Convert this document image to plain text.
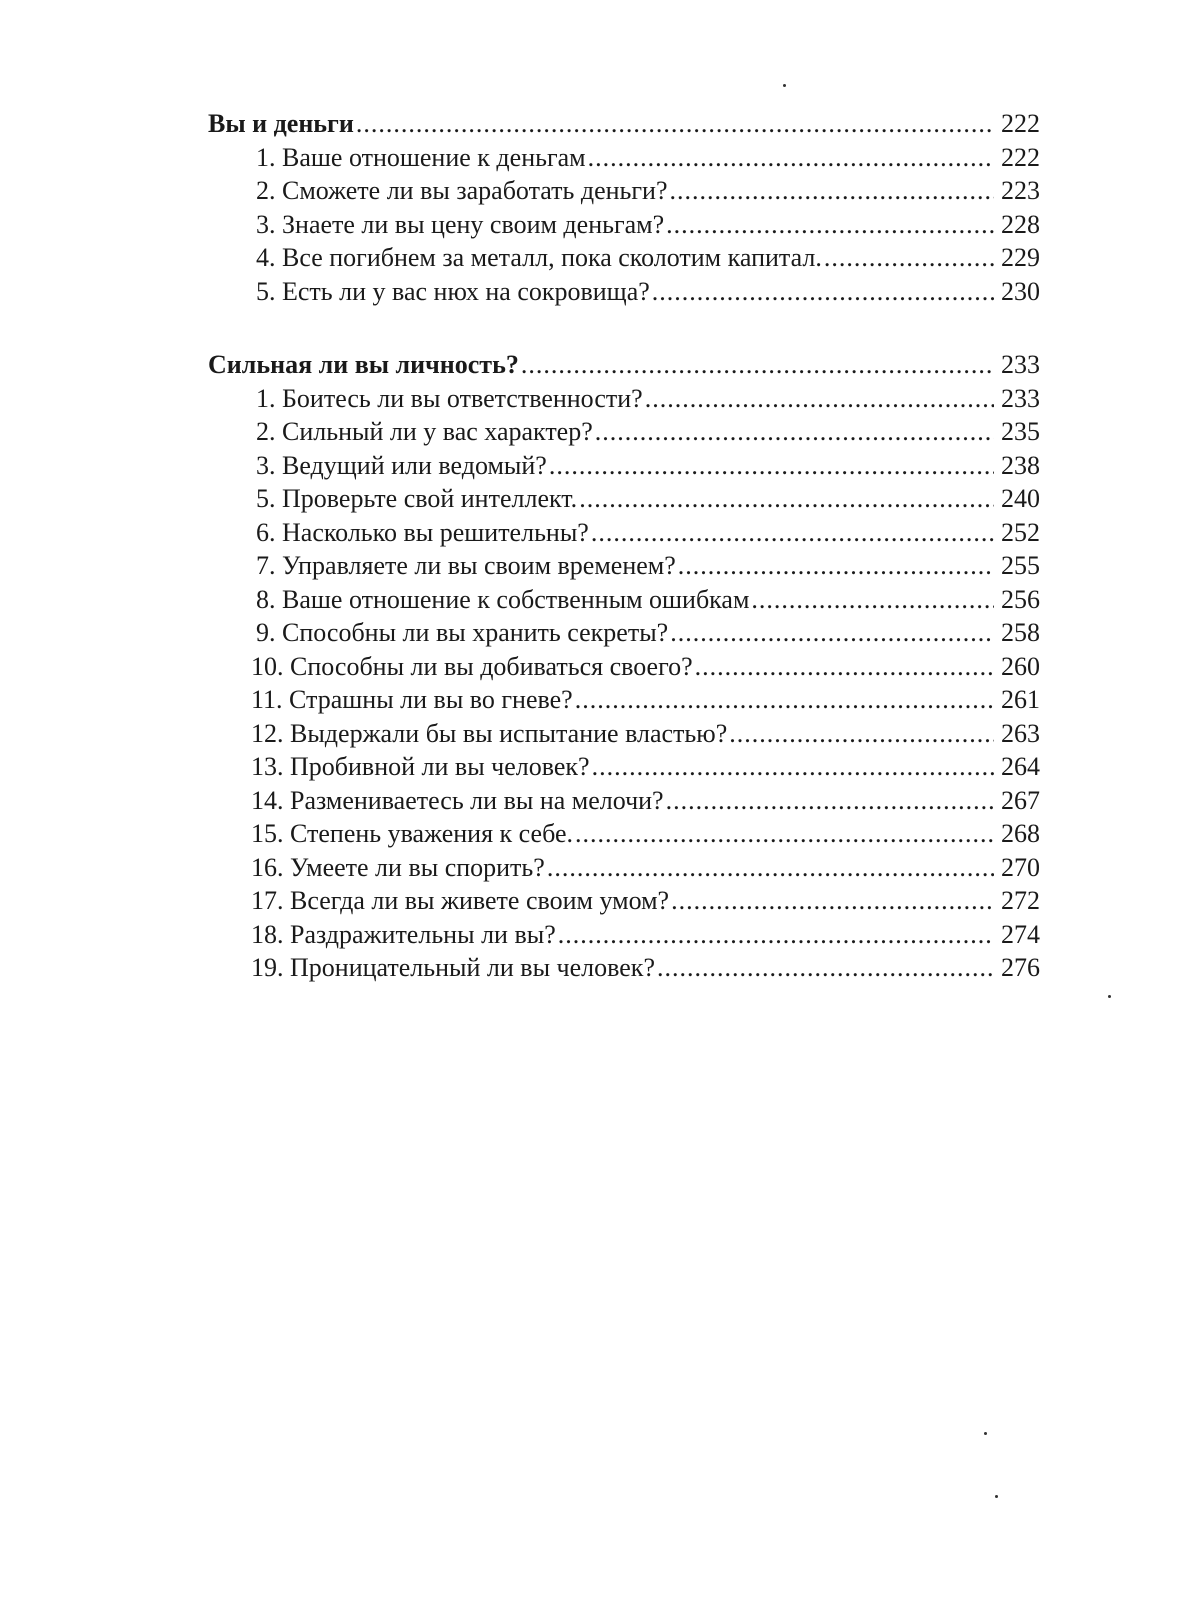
Вы и деньги .....	222
1. Ваше отношение к деньгам .....	222
2. Сможете ли вы заработать деньги? .....	223
3. Знаете ли вы цену своим деньгам? .....	228
4. Все погибнем за металл, пока сколотим капитал. .....	229
5. Есть ли у вас нюх на сокровища? .....	230
Сильная ли вы личность? .....	233
1. Боитесь ли вы ответственности? .....	233
2. Сильный ли у вас характер? .....	235
3. Ведущий или ведомый? .....	238
5. Проверьте свой интеллект. .....	240
6. Насколько вы решительны? .....	252
7. Управляете ли вы своим временем? .....	255
8. Ваше отношение к собственным ошибкам .....	256
9. Способны ли вы хранить секреты? .....	258
10. Способны ли вы добиваться своего? .....	260
11. Страшны ли вы во гневе? .....	261
12. Выдержали бы вы испытание властью? .....	263
13. Пробивной ли вы человек? .....	264
14. Размениваетесь ли вы на мелочи? .....	267
15. Степень уважения к себе. .....	268
16. Умеете ли вы спорить? .....	270
17. Всегда ли вы живете своим умом? .....	272
18. Раздражительны ли вы? .....	274
19. Проницательный ли вы человек? .....	276
